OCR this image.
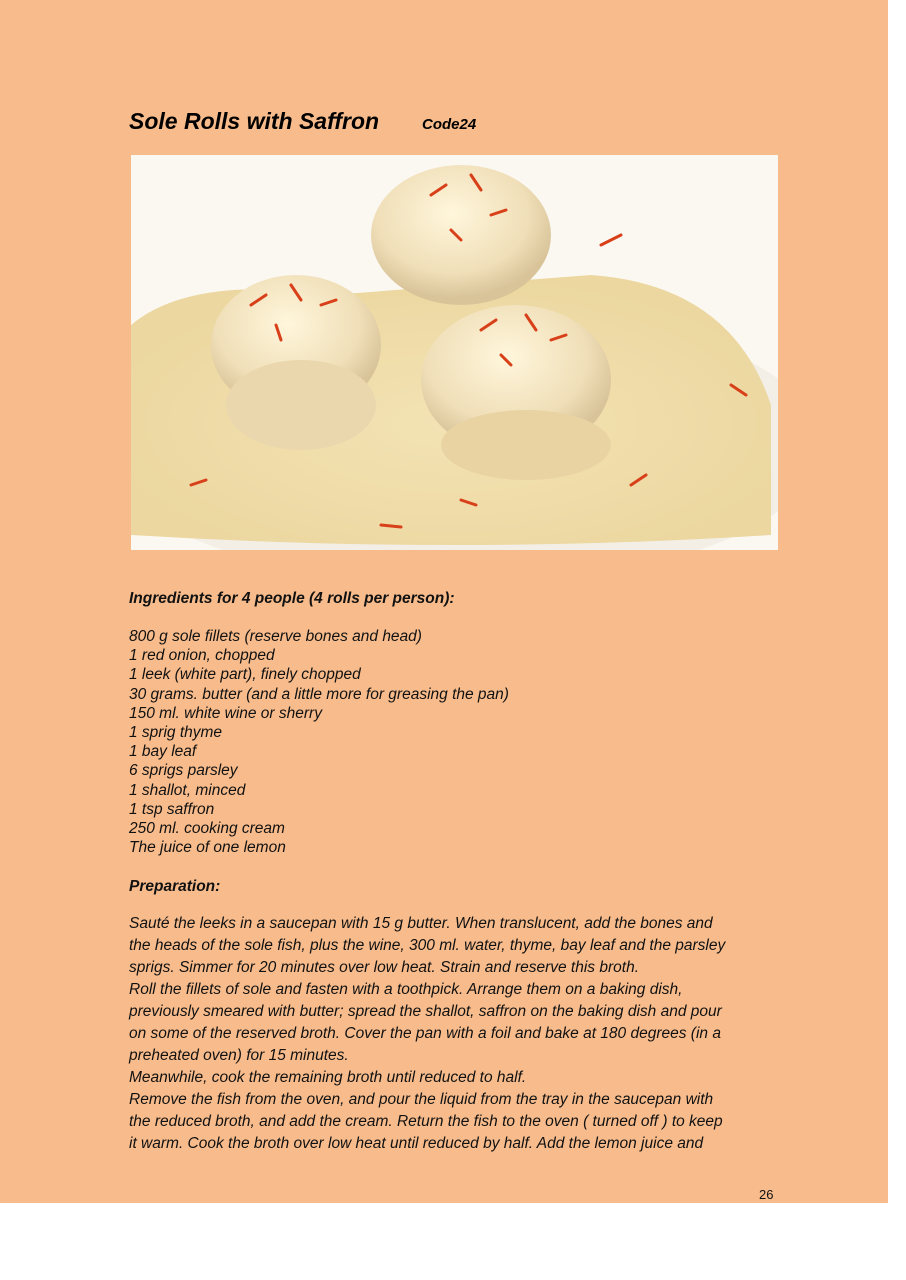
Sole Rolls with Saffron	Code24
Ingredients for 4 people (4 rolls per person):
800 g sole fillets (reserve bones and head)
1 red onion, chopped
1 leek (white part), finely chopped
30 grams. butter (and a little more for greasing the pan)
150 ml. white wine or sherry
1 sprig thyme
1 bay leaf
6 sprigs parsley
1 shallot, minced
1 tsp saffron
250 ml. cooking cream
The juice of one lemon
Preparation:
Sauté the leeks in a saucepan with 15 g butter. When translucent, add the bones and
the heads of the sole fish, plus the wine, 300 ml. water, thyme, bay leaf and the parsley
sprigs. Simmer for 20 minutes over low heat. Strain and reserve this broth.
Roll the fillets of sole and fasten with a toothpick. Arrange them on a baking dish,
previously smeared with butter; spread the shallot, saffron on the baking dish and pour
on some of the reserved broth. Cover the pan with a foil and bake at 180 degrees (in a
preheated oven) for 15 minutes.
Meanwhile, cook the remaining broth until reduced to half.
Remove the fish from the oven, and pour the liquid from the tray in the saucepan with
the reduced broth, and add the cream. Return the fish to the oven ( turned off ) to keep
it warm. Cook the broth over low heat until reduced by half. Add the lemon juice and
26
